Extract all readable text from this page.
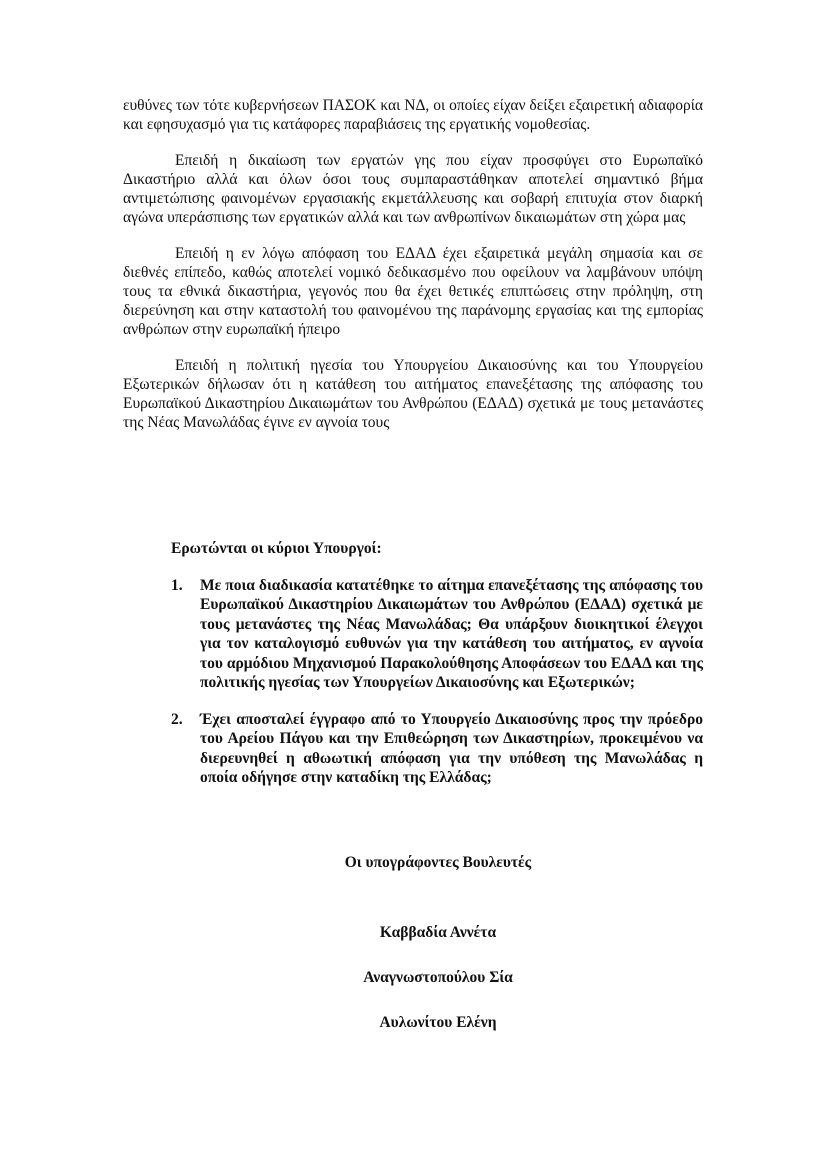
ευθύνες των τότε κυβερνήσεων ΠΑΣΟΚ και ΝΔ, οι οποίες είχαν δείξει εξαιρετική αδιαφορία και εφησυχασμό για τις κατάφορες παραβιάσεις της εργατικής νομοθεσίας.

Επειδή η δικαίωση των εργατών γης που είχαν προσφύγει στο Ευρωπαϊκό Δικαστήριο αλλά και όλων όσοι τους συμπαραστάθηκαν αποτελεί σημαντικό βήμα αντιμετώπισης φαινομένων εργασιακής εκμετάλλευσης και σοβαρή επιτυχία στον διαρκή αγώνα υπεράσπισης των εργατικών αλλά και των ανθρωπίνων δικαιωμάτων στη χώρα μας

Επειδή η εν λόγω απόφαση του ΕΔΑΔ έχει εξαιρετικά μεγάλη σημασία και σε διεθνές επίπεδο, καθώς αποτελεί νομικό δεδικασμένο που οφείλουν να λαμβάνουν υπόψη τους τα εθνικά δικαστήρια, γεγονός που θα έχει θετικές επιπτώσεις στην πρόληψη, στη διερεύνηση και στην καταστολή του φαινομένου της παράνομης εργασίας και της εμπορίας ανθρώπων στην ευρωπαϊκή ήπειρο

Επειδή η πολιτική ηγεσία του Υπουργείου Δικαιοσύνης και του Υπουργείου Εξωτερικών δήλωσαν ότι η κατάθεση του αιτήματος επανεξέτασης της απόφασης του Ευρωπαϊκού Δικαστηρίου Δικαιωμάτων του Ανθρώπου (ΕΔΑΔ) σχετικά με τους μετανάστες της Νέας Μανωλάδας έγινε εν αγνοία τους

Ερωτώνται οι κύριοι Υπουργοί:

1. Με ποια διαδικασία κατατέθηκε το αίτημα επανεξέτασης της απόφασης του Ευρωπαϊκού Δικαστηρίου Δικαιωμάτων του Ανθρώπου (ΕΔΑΔ) σχετικά με τους μετανάστες της Νέας Μανωλάδας; Θα υπάρξουν διοικητικοί έλεγχοι για τον καταλογισμό ευθυνών για την κατάθεση του αιτήματος, εν αγνοία του αρμόδιου Μηχανισμού Παρακολούθησης Αποφάσεων του ΕΔΑΔ και της πολιτικής ηγεσίας των Υπουργείων Δικαιοσύνης και Εξωτερικών;
2. Έχει αποσταλεί έγγραφο από το Υπουργείο Δικαιοσύνης προς την πρόεδρο του Αρείου Πάγου και την Επιθεώρηση των Δικαστηρίων, προκειμένου να διερευνηθεί η αθωωτική απόφαση για την υπόθεση της Μανωλάδας η οποία οδήγησε στην καταδίκη της Ελλάδας;

Οι υπογράφοντες Βουλευτές

Καββαδία Αννέτα

Αναγνωστοπούλου Σία

Αυλωνίτου Ελένη
